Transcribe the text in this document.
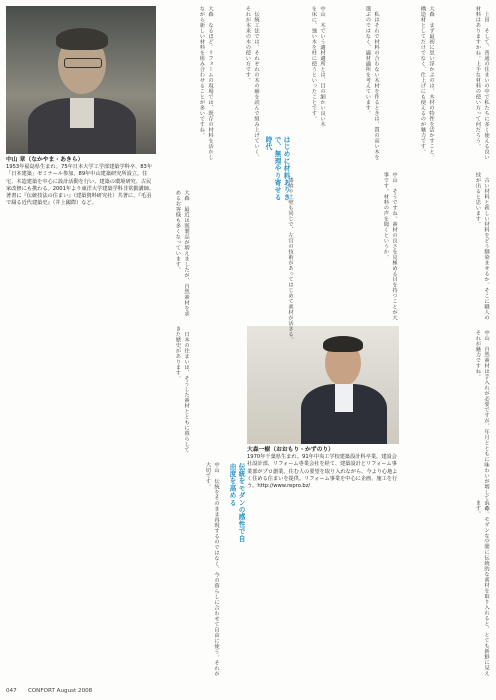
中山 章（なかやま・あきら）
1953年福島県生まれ。75年日本大学工学部建築学科卒、83年「日本建築」ゼミナール参加、89年中山建築研究所設立。住宅、木造建築を中心に設計活動を行い、建築の環境研究、古民家改修にも携わる。2001年より東洋大学建築学科非常勤講師。著書に『伝統技法の住まい』（建築資料研究社）共著に、『毛羽で綴る近代建築史』（井上國際）など。
大森一樹（おおもり・かずのり）
1970年千葉県生まれ。91年中央工学校建築設計科卒業。建設会社設計部、リフォーム専業会社を経て、建築設計とリフォーム事業部がプロ創業。住む人の要望を取り入れながら、今より心地よく住める住まいを提供。リフォーム事業を中心に企画、施工を行う。http://www.repro.bz/
はじめに材料ありきで、無理やり寄せる時代
伝統をモダンの感性で自由度を高める
　上田　そして、普通の住まいの中で私たちに多く使える良い材料はありますかね。上手な材料の使い方って何だろう。
大森　まず最初に思い浮かぶのは、木材の特性を活かすこと。構造材としてだけでなく、仕上げにも使えるのが魅力です。
　私はそれで材料の合わない木材を作るときは、質の高い木を選ぶのではなく、適材適所を考えています。
中山　木でいう適材適所とは、目の細かい良い木を床に、強い木を柱に使うといったことです。
　伝統工法では、それぞれの木の癖を読んで組み上げていく。それが本来の木の使い方です。
大森　なるほど。リフォームの現場では、既存の材料を活かしながら新しい材料を組み合わせることが多いですね。
　古い材料と新しい材料をどう馴染ませるか。そこに職人の技が出ると思います。
中山　そうですね。素材の良さを見極める目を持つことが大事です。材料の声を聞くというか。
　漆喰や土壁も同じで、左官の技術があってはじめて素材が活きる。
大森　最近は既製品が増えましたが、自然素材を求めるお客様も多くなっています。
中山　自然素材は手入れが必要ですが、年月とともに味わいが増していく。それが魅力ですね。
　日本の住まいは、そうした素材とともに暮らしてきた歴史があります。
大森　モダンな空間に伝統的な素材を取り入れると、とても新鮮に見えます。
中山　伝統をそのまま再現するのではなく、今の暮らしに合わせて自由に使う。それが大切です。
047　　CONFORT August 2008
